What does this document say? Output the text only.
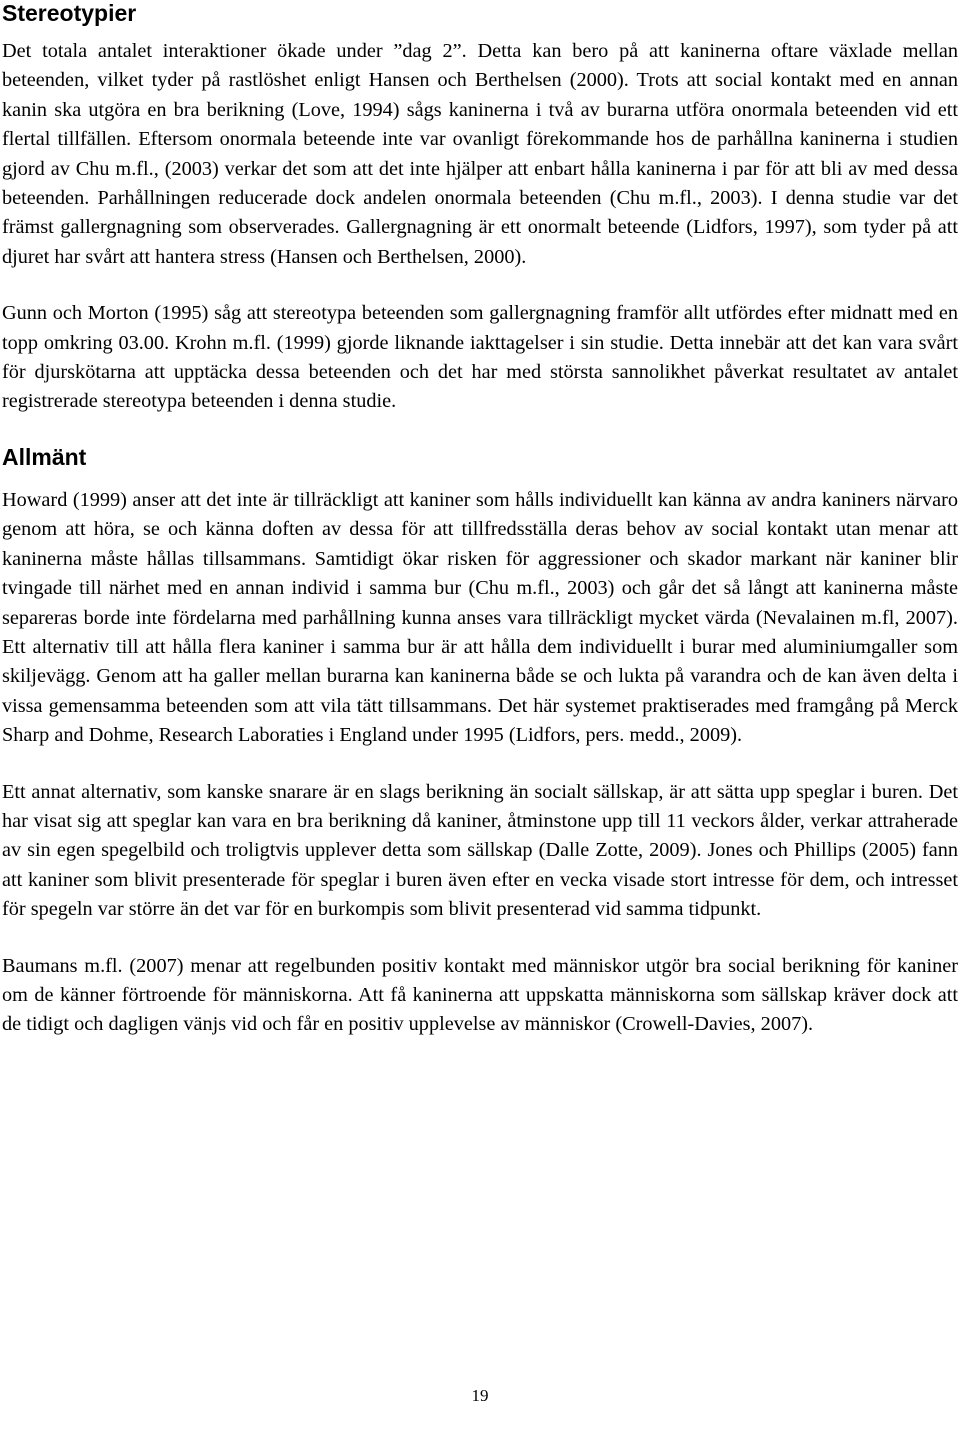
Stereotypier

Det totala antalet interaktioner ökade under ”dag 2”. Detta kan bero på att kaninerna oftare växlade mellan beteenden, vilket tyder på rastlöshet enligt Hansen och Berthelsen (2000). Trots att social kontakt med en annan kanin ska utgöra en bra berikning (Love, 1994) sågs kaninerna i två av burarna utföra onormala beteenden vid ett flertal tillfällen. Eftersom onormala beteende inte var ovanligt förekommande hos de parhållna kaninerna i studien gjord av Chu m.fl., (2003) verkar det som att det inte hjälper att enbart hålla kaninerna i par för att bli av med dessa beteenden. Parhållningen reducerade dock andelen onormala beteenden (Chu m.fl., 2003). I denna studie var det främst gallergnagning som observerades. Gallergnagning är ett onormalt beteende (Lidfors, 1997), som tyder på att djuret har svårt att hantera stress (Hansen och Berthelsen, 2000).

Gunn och Morton (1995) såg att stereotypa beteenden som gallergnagning framför allt utfördes efter midnatt med en topp omkring 03.00. Krohn m.fl. (1999) gjorde liknande iakttagelser i sin studie. Detta innebär att det kan vara svårt för djurskötarna att upptäcka dessa beteenden och det har med största sannolikhet påverkat resultatet av antalet registrerade stereotypa beteenden i denna studie.

Allmänt

Howard (1999) anser att det inte är tillräckligt att kaniner som hålls individuellt kan känna av andra kaniners närvaro genom att höra, se och känna doften av dessa för att tillfredsställa deras behov av social kontakt utan menar att kaninerna måste hållas tillsammans. Samtidigt ökar risken för aggressioner och skador markant när kaniner blir tvingade till närhet med en annan individ i samma bur (Chu m.fl., 2003) och går det så långt att kaninerna måste separeras borde inte fördelarna med parhållning kunna anses vara tillräckligt mycket värda (Nevalainen m.fl, 2007). Ett alternativ till att hålla flera kaniner i samma bur är att hålla dem individuellt i burar med aluminiumgaller som skiljevägg. Genom att ha galler mellan burarna kan kaninerna både se och lukta på varandra och de kan även delta i vissa gemensamma beteenden som att vila tätt tillsammans. Det här systemet praktiserades med framgång på Merck Sharp and Dohme, Research Laboraties i England under 1995 (Lidfors, pers. medd., 2009).

Ett annat alternativ, som kanske snarare är en slags berikning än socialt sällskap, är att sätta upp speglar i buren. Det har visat sig att speglar kan vara en bra berikning då kaniner, åtminstone upp till 11 veckors ålder, verkar attraherade av sin egen spegelbild och troligtvis upplever detta som sällskap (Dalle Zotte, 2009). Jones och Phillips (2005) fann att kaniner som blivit presenterade för speglar i buren även efter en vecka visade stort intresse för dem, och intresset för spegeln var större än det var för en burkompis som blivit presenterad vid samma tidpunkt.

Baumans m.fl. (2007) menar att regelbunden positiv kontakt med människor utgör bra social berikning för kaniner om de känner förtroende för människorna. Att få kaninerna att uppskatta människorna som sällskap kräver dock att de tidigt och dagligen vänjs vid och får en positiv upplevelse av människor (Crowell-Davies, 2007).

19
